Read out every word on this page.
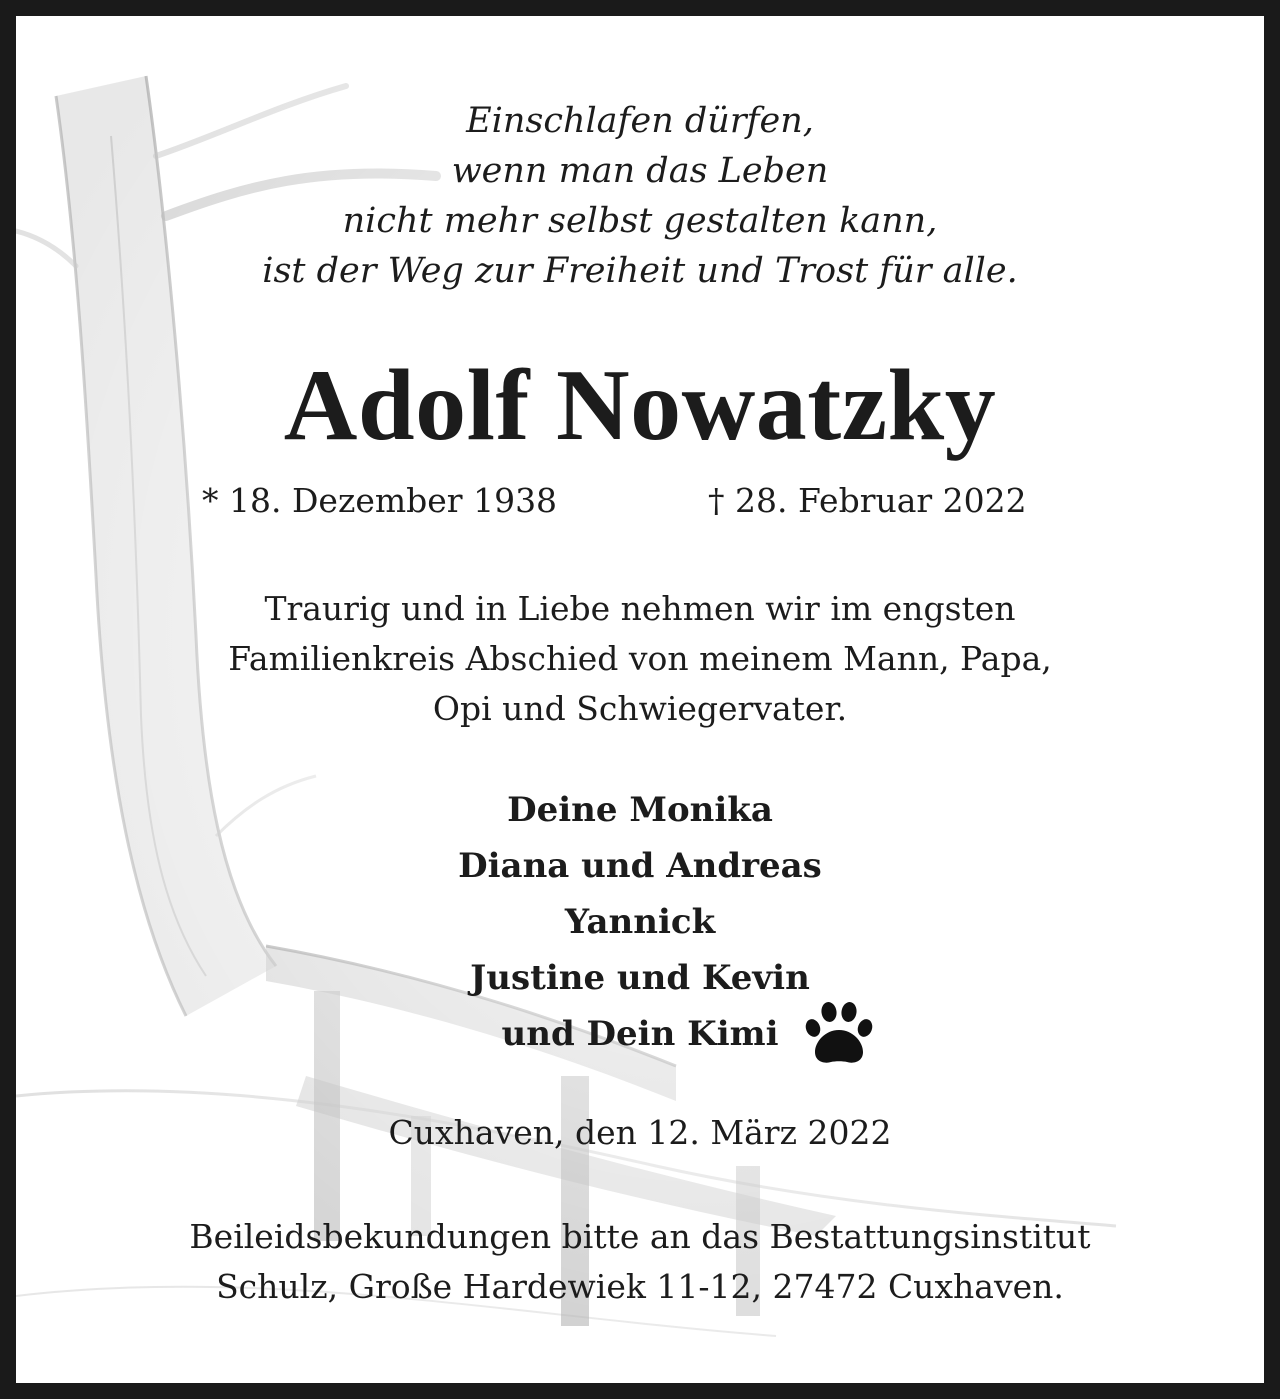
Einschlafen dürfen,
wenn man das Leben
nicht mehr selbst gestalten kann,
ist der Weg zur Freiheit und Trost für alle.
Adolf Nowatzky
* 18. Dezember 1938	† 28. Februar 2022
Traurig und in Liebe nehmen wir im engsten
Familienkreis Abschied von meinem Mann, Papa,
Opi und Schwiegervater.
Deine Monika
Diana und Andreas
Yannick
Justine und Kevin
und Dein Kimi
Cuxhaven, den 12. März 2022
Beileidsbekundungen bitte an das Bestattungsinstitut
Schulz, Große Hardewiek 11-12, 27472 Cuxhaven.
